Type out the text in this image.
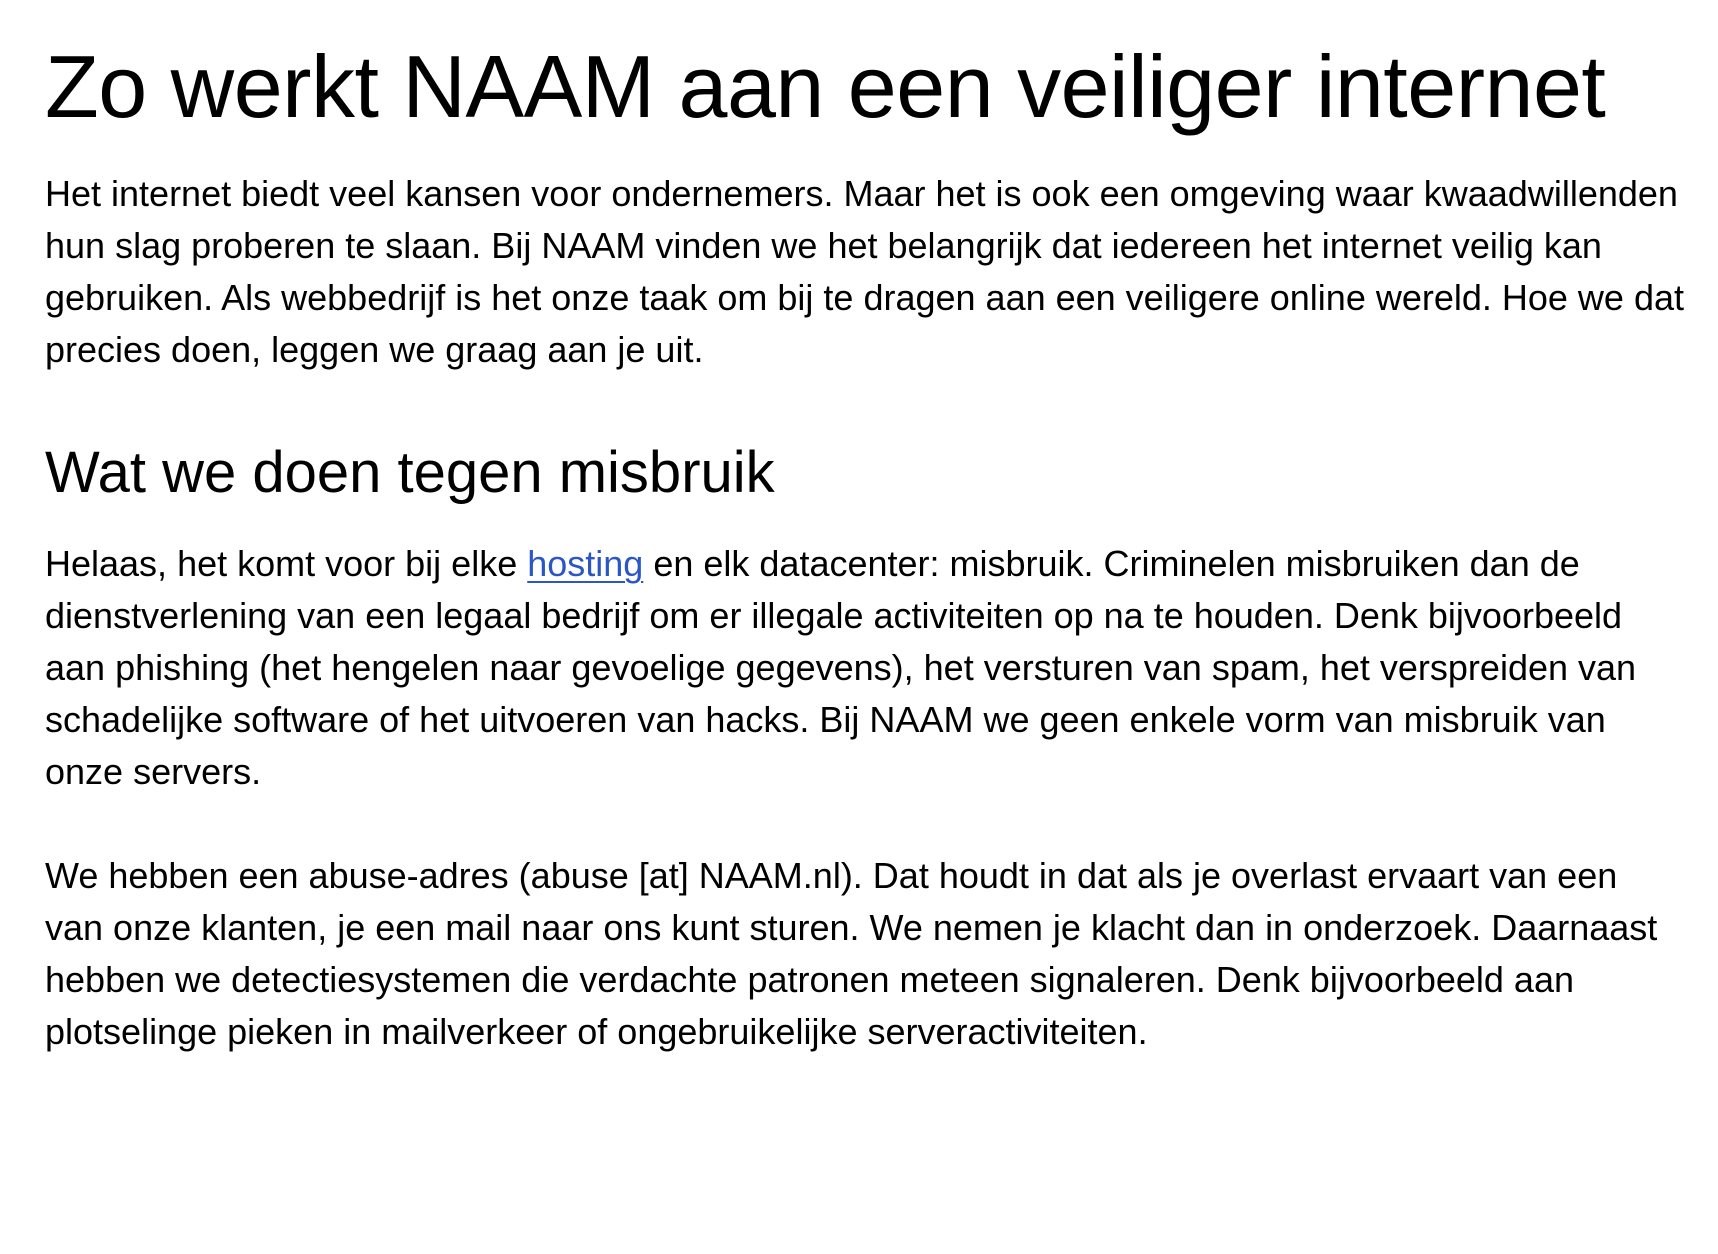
Zo werkt NAAM aan een veiliger internet

Het internet biedt veel kansen voor ondernemers. Maar het is ook een omgeving waar kwaadwillenden hun slag proberen te slaan. Bij NAAM vinden we het belangrijk dat iedereen het internet veilig kan gebruiken. Als webbedrijf is het onze taak om bij te dragen aan een veiligere online wereld. Hoe we dat precies doen, leggen we graag aan je uit.

Wat we doen tegen misbruik

Helaas, het komt voor bij elke hosting en elk datacenter: misbruik. Criminelen misbruiken dan de dienstverlening van een legaal bedrijf om er illegale activiteiten op na te houden. Denk bijvoorbeeld aan phishing (het hengelen naar gevoelige gegevens), het versturen van spam, het verspreiden van schadelijke software of het uitvoeren van hacks. Bij NAAM we geen enkele vorm van misbruik van onze servers.

We hebben een abuse-adres (abuse [at] NAAM.nl). Dat houdt in dat als je overlast ervaart van een van onze klanten, je een mail naar ons kunt sturen. We nemen je klacht dan in onderzoek. Daarnaast hebben we detectiesystemen die verdachte patronen meteen signaleren. Denk bijvoorbeeld aan plotselinge pieken in mailverkeer of ongebruikelijke serveractiviteiten.
